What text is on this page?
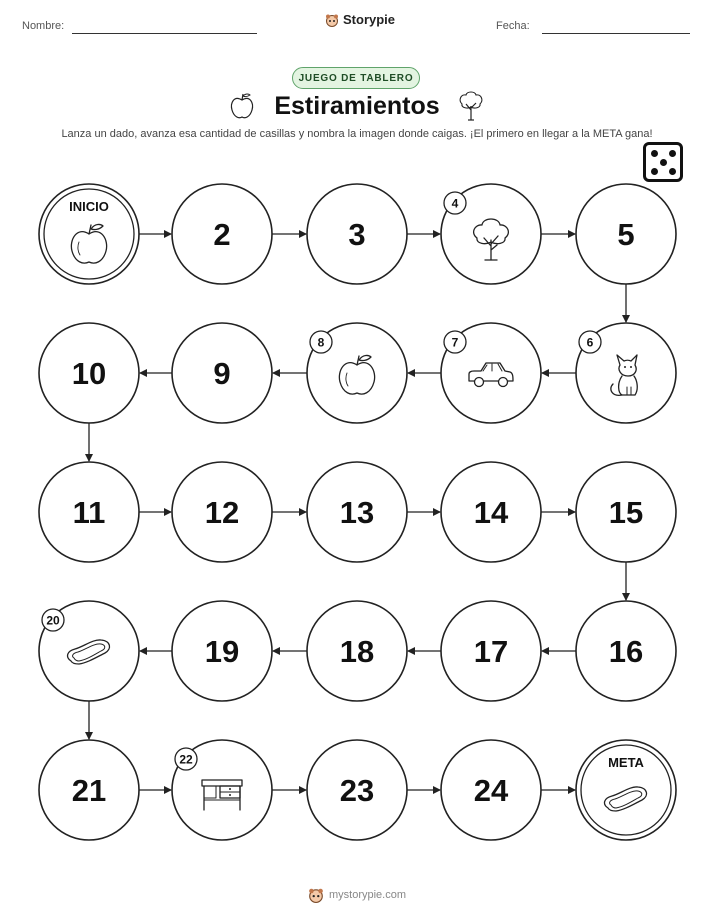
Nombre:	Storypie	Fecha:
JUEGO DE TABLERO
Estiramientos
Lanza un dado, avanza esa cantidad de casillas y nombra la imagen donde caigas. ¡El primero en llegar a la META gana!
INICIO
2	3
4
5
6
7
8
9
10
11	12	13	14	15
16
17
18
19
20
21
22
23	24
META
mystorypie.com
